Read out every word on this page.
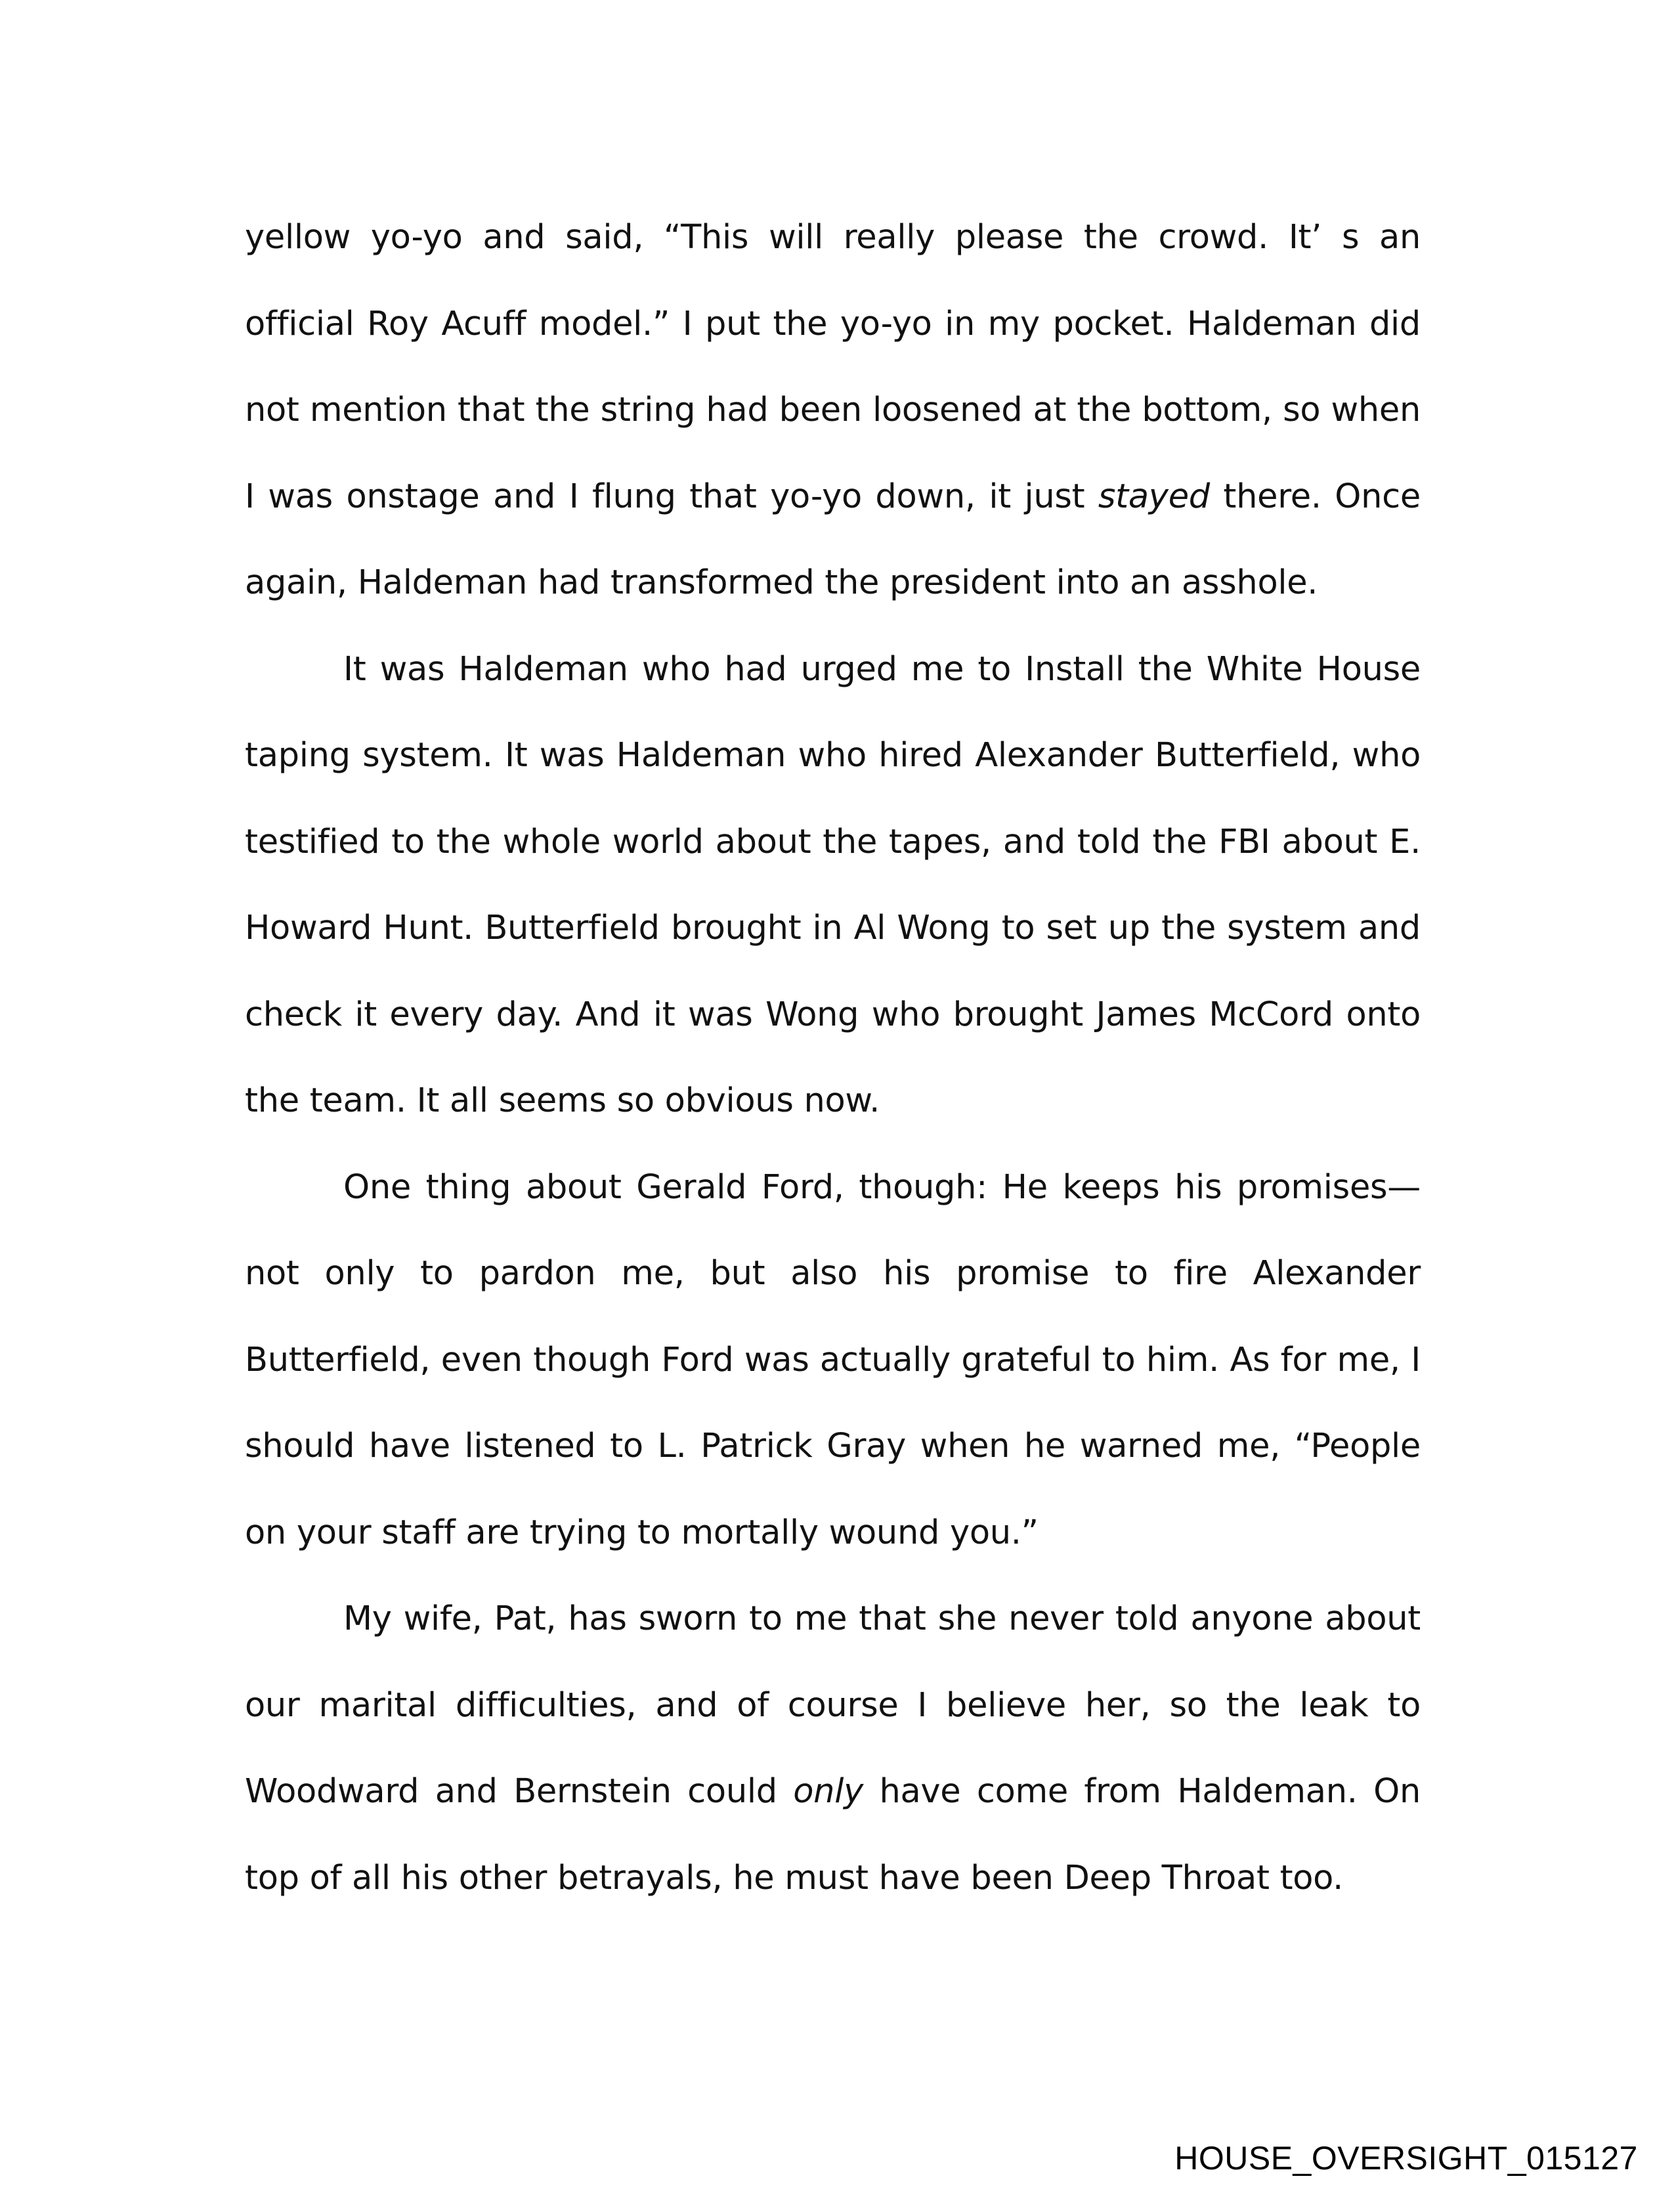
yellow yo-yo and said, “This will really please the crowd. It’ s an official Roy Acuff model.” I put the yo-yo in my pocket. Haldeman did not mention that the string had been loosened at the bottom, so when I was onstage and I flung that yo-yo down, it just stayed there. Once again, Haldeman had transformed the president into an asshole.

It was Haldeman who had urged me to Install the White House taping system. It was Haldeman who hired Alexander Butterfield, who testified to the whole world about the tapes, and told the FBI about E. Howard Hunt. Butterfield brought in Al Wong to set up the system and check it every day. And it was Wong who brought James McCord onto the team. It all seems so obvious now.

One thing about Gerald Ford, though: He keeps his promises—not only to pardon me, but also his promise to fire Alexander Butterfield, even though Ford was actually grateful to him. As for me, I should have listened to L. Patrick Gray when he warned me, “People on your staff are trying to mortally wound you.”

My wife, Pat, has sworn to me that she never told anyone about our marital difficulties, and of course I believe her, so the leak to Woodward and Bernstein could only have come from Haldeman. On top of all his other betrayals, he must have been Deep Throat too.

HOUSE_OVERSIGHT_015127
